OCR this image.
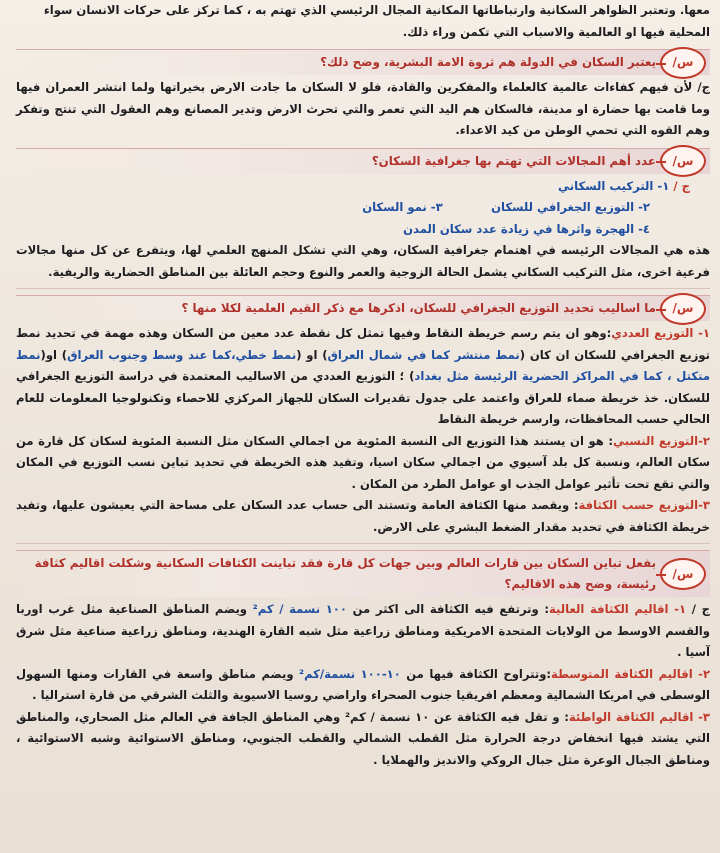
معها. وتعتبر الظواهر السكانية وارتباطاتها المكانية المجال الرئيسي الذي تهتم به ، كما تركز على حركات الانسان سواء
المحلية فيها او العالمية والاسباب التي تكمن وراء ذلك.

س/
يعتبر السكان في الدولة هم ثروة الامة البشرية، وضح ذلك؟

ج/ لأن فيهم كفاءات عالمية كالعلماء والمفكرين والقادة، فلو لا السكان ما جادت الارض بخيراتها ولما انتشر العمران فيها وما قامت بها حضارة او مدينة، فالسكان هم اليد التي تعمر والتي تحرث الارض وتدير المصانع وهم العقول التي تنتج وتفكر وهم القوه التي تحمي الوطن من كيد الاعداء.

س/
عدد أهم المجالات التي تهتم بها جغرافية السكان؟

ج / ١- التركيب السكاني

٢- التوزيع الجغرافي للسكان            ٣- نمو السكان

٤- الهجرة واثرها في زيادة عدد سكان المدن

هذه هي المجالات الرئيسه في اهتمام جغرافية السكان، وهي التي تشكل المنهج العلمي لها، ويتفرع عن كل منها مجالات فرعية اخرى، مثل التركيب السكاني يشمل الحالة الزوجية والعمر والنوع وحجم العائلة بين المناطق الحضارية والريفية.

س/
ما اساليب تحديد التوزيع الجغرافي للسكان، اذكرها مع ذكر القيم العلمية لكلا منها ؟

١- التوزيع العددي:وهو ان يتم رسم خريطة النقاط وفيها تمثل كل نقطة عدد معين من السكان وهذه مهمة في تحديد نمط توزيع الجغرافي للسكان ان كان (نمط منتشر كما في شمال العراق) او (نمط خطي،كما عند وسط وجنوب العراق) او(نمط متكتل ، كما في المراكز الحضرية الرئيسة مثل بغداد) ؛ التوزيع العددي من الاساليب المعتمدة في دراسة التوزيع الجغرافي للسكان. خذ خريطة صماء للعراق واعتمد على جدول تقديرات السكان للجهاز المركزي للاحصاء وتكنولوجيا المعلومات للعام الحالي حسب المحافظات، وارسم خريطة النقاط

٢-التوزيع النسبي: هو ان يستند هذا التوزيع الى النسبة المئوية من اجمالي السكان مثل النسبة المئوية لسكان كل قارة من سكان العالم، ونسبة كل بلد آسيوي من اجمالي سكان اسيا، وتفيد هذه الخريطة في تحديد تباين نسب التوزيع في المكان والتي تقع تحت تأثير عوامل الجذب او عوامل الطرد من المكان .

٣-التوزيع حسب الكثافة: ويقصد منها الكثافة العامة وتستند الى حساب عدد السكان على مساحة التي يعيشون عليها، وتفيد خريطة الكثافة في تحديد مقدار الضغط البشري على الارض.

س/
بفعل تباين السكان بين قارات العالم وبين جهات كل قارة فقد تباينت الكثافات السكانية وشكلت اقاليم كثافة رئيسة، وضح هذه الاقاليم؟

ج / ١- اقاليم الكثافة العالية: وترتفع فيه الكثافة الى اكثر من ١٠٠ نسمة / كم² ويضم المناطق الصناعية مثل غرب اوربا والقسم الاوسط من الولايات المتحدة الامريكية ومناطق زراعية مثل شبه القارة الهندية، ومناطق زراعية صناعية مثل شرق آسيا .

٢- اقاليم الكثافة المتوسطة:وتتراوح الكثافة فيها من ١٠-١٠٠ نسمة/كم² ويضم مناطق واسعة في القارات ومنها السهول الوسطى في امريكا الشمالية ومعظم افريقيا جنوب الصحراء واراضي روسيا الاسيوية والثلث الشرقي من قارة استراليا .

٣- اقاليم الكثافة الواطئة: و تقل فيه الكثافة عن ١٠ نسمة / كم² وهي المناطق الجافة في العالم مثل الصحاري، والمناطق التي يشتد فيها انخفاض درجة الحرارة مثل القطب الشمالي والقطب الجنوبي، ومناطق الاستوائية وشبه الاستوائية ، ومناطق الجبال الوعرة مثل جبال الروكي والانديز والهملايا .
